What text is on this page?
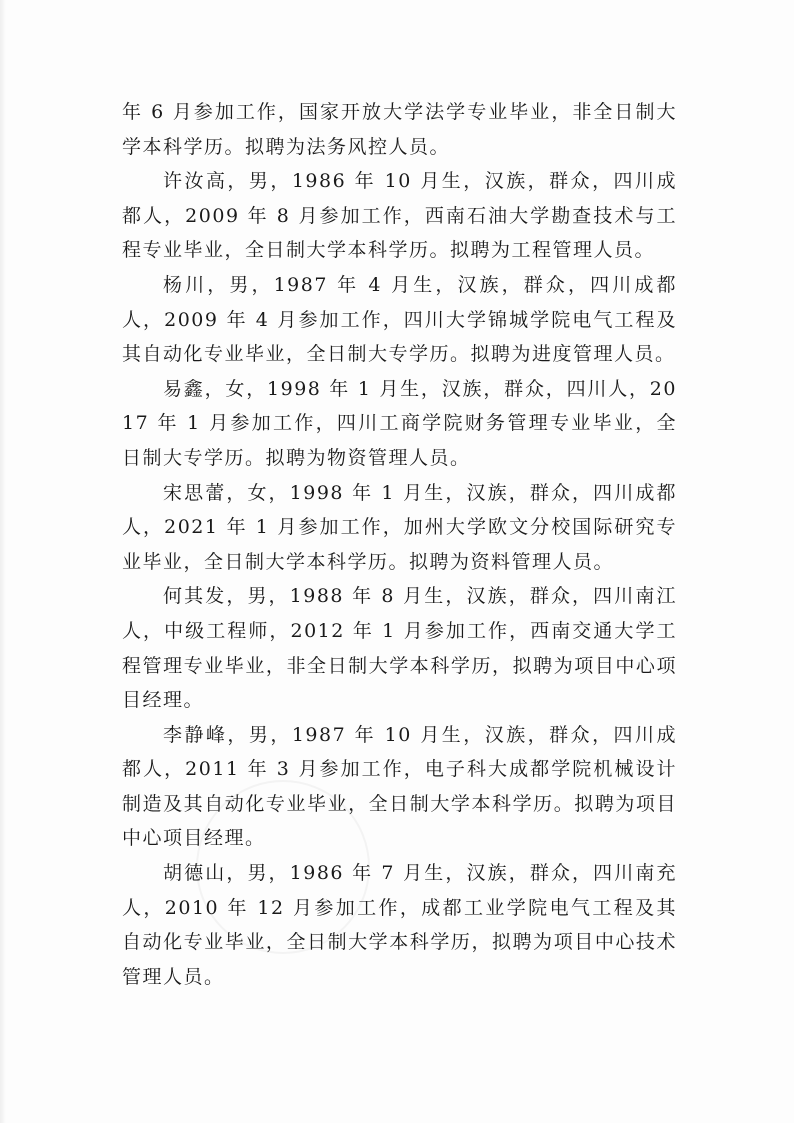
年 6 月参加工作，国家开放大学法学专业毕业，非全日制大学本科学历。拟聘为法务风控人员。

许汝高，男，1986 年 10 月生，汉族，群众，四川成都人，2009 年 8 月参加工作，西南石油大学勘查技术与工程专业毕业，全日制大学本科学历。拟聘为工程管理人员。

杨川，男，1987 年 4 月生，汉族，群众，四川成都人，2009 年 4 月参加工作，四川大学锦城学院电气工程及其自动化专业毕业，全日制大专学历。拟聘为进度管理人员。

易鑫，女，1998 年 1 月生，汉族，群众，四川人，2017 年 1 月参加工作，四川工商学院财务管理专业毕业，全日制大专学历。拟聘为物资管理人员。

宋思蕾，女，1998 年 1 月生，汉族，群众，四川成都人，2021 年 1 月参加工作，加州大学欧文分校国际研究专业毕业，全日制大学本科学历。拟聘为资料管理人员。

何其发，男，1988 年 8 月生，汉族，群众，四川南江人，中级工程师，2012 年 1 月参加工作，西南交通大学工程管理专业毕业，非全日制大学本科学历，拟聘为项目中心项目经理。

李静峰，男，1987 年 10 月生，汉族，群众，四川成都人，2011 年 3 月参加工作，电子科大成都学院机械设计制造及其自动化专业毕业，全日制大学本科学历。拟聘为项目中心项目经理。

胡德山，男，1986 年 7 月生，汉族，群众，四川南充人，2010 年 12 月参加工作，成都工业学院电气工程及其自动化专业毕业，全日制大学本科学历，拟聘为项目中心技术管理人员。
